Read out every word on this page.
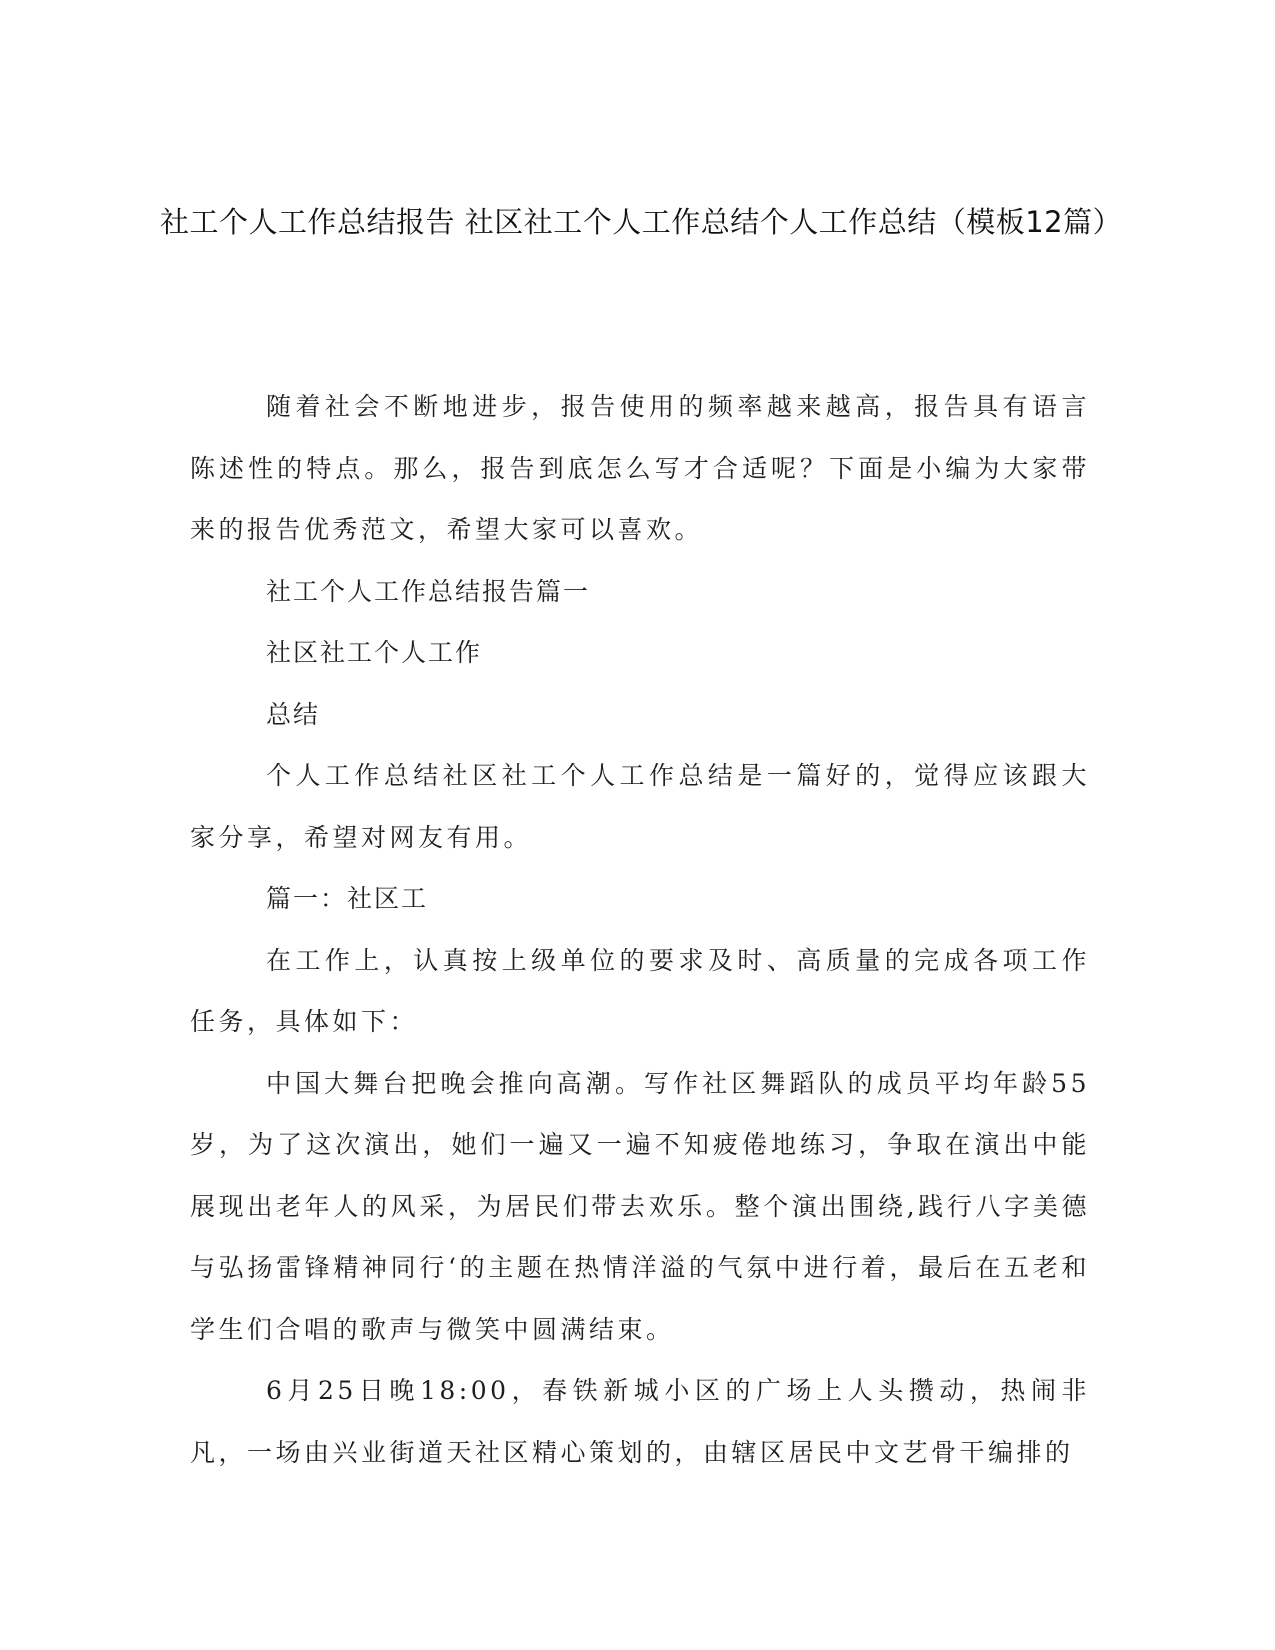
社工个人工作总结报告 社区社工个人工作总结个人工作总结（模板12篇）

随着社会不断地进步，报告使用的频率越来越高，报告具有语言陈述性的特点。那么，报告到底怎么写才合适呢？下面是小编为大家带来的报告优秀范文，希望大家可以喜欢。

社工个人工作总结报告篇一

社区社工个人工作

总结

个人工作总结社区社工个人工作总结是一篇好的，觉得应该跟大家分享，希望对网友有用。

篇一：社区工

在工作上，认真按上级单位的要求及时、高质量的完成各项工作任务，具体如下：

中国大舞台把晚会推向高潮。写作社区舞蹈队的成员平均年龄55岁，为了这次演出，她们一遍又一遍不知疲倦地练习，争取在演出中能展现出老年人的风采，为居民们带去欢乐。整个演出围绕,践行八字美德与弘扬雷锋精神同行‘的主题在热情洋溢的气氛中进行着，最后在五老和学生们合唱的歌声与微笑中圆满结束。

6月25日晚18:00，春铁新城小区的广场上人头攒动，热闹非凡，一场由兴业街道天社区精心策划的，由辖区居民中文艺骨干编排的
